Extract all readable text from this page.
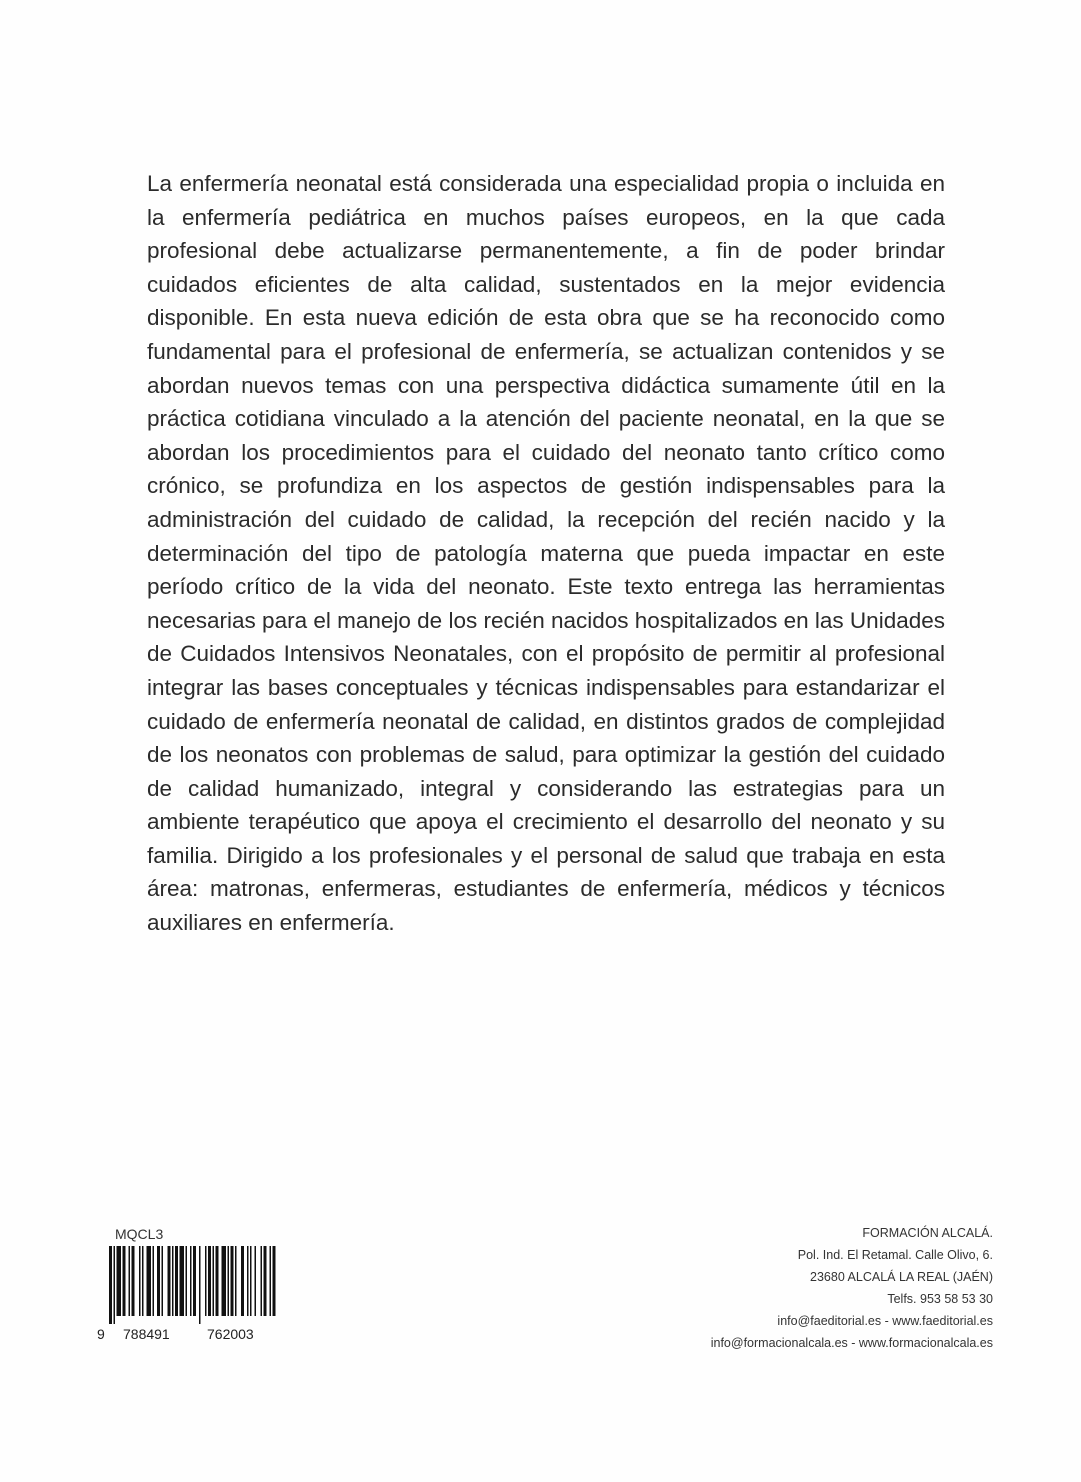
La enfermería neonatal está considerada una especialidad propia o incluida en la enfermería pediátrica en muchos países europeos, en la que cada profesional debe actualizarse permanentemente, a fin de poder brindar cuidados eficientes de alta calidad, sustentados en la mejor evidencia disponible. En esta nueva edición de esta obra que se ha reconocido como fundamental para el profesional de enfermería, se actualizan contenidos y se abordan nuevos temas con una perspectiva didáctica sumamente útil en la práctica cotidiana vinculado a la atención del paciente neonatal, en la que se abordan los procedimientos para el cuidado del neonato tanto crítico como crónico, se profundiza en los aspectos de gestión indispensables para la administración del cuidado de calidad, la recepción del recién nacido y la determinación del tipo de patología materna que pueda impactar en este período crítico de la vida del neonato. Este texto entrega las herramientas necesarias para el manejo de los recién nacidos hospitalizados en las Unidades de Cuidados Intensivos Neonatales, con el propósito de permitir al profesional integrar las bases conceptuales y técnicas indispensables para estandarizar el cuidado de enfermería neonatal de calidad, en distintos grados de complejidad de los neonatos con problemas de salud, para optimizar la gestión del cuidado de calidad humanizado, integral y considerando las estrategias para un ambiente terapéutico que apoya el crecimiento el desarrollo del neonato y su familia. Dirigido a los profesionales y el personal de salud que trabaja en esta área: matronas, enfermeras, estudiantes de enfermería, médicos y técnicos auxiliares en enfermería.

MQCL3
9 788491	762003
FORMACIÓN ALCALÁ.
Pol. Ind. El Retamal. Calle Olivo, 6.
23680 ALCALÁ LA REAL (JAÉN)
Telfs. 953 58 53 30
info@faeditorial.es - www.faeditorial.es
info@formacionalcala.es - www.formacionalcala.es
